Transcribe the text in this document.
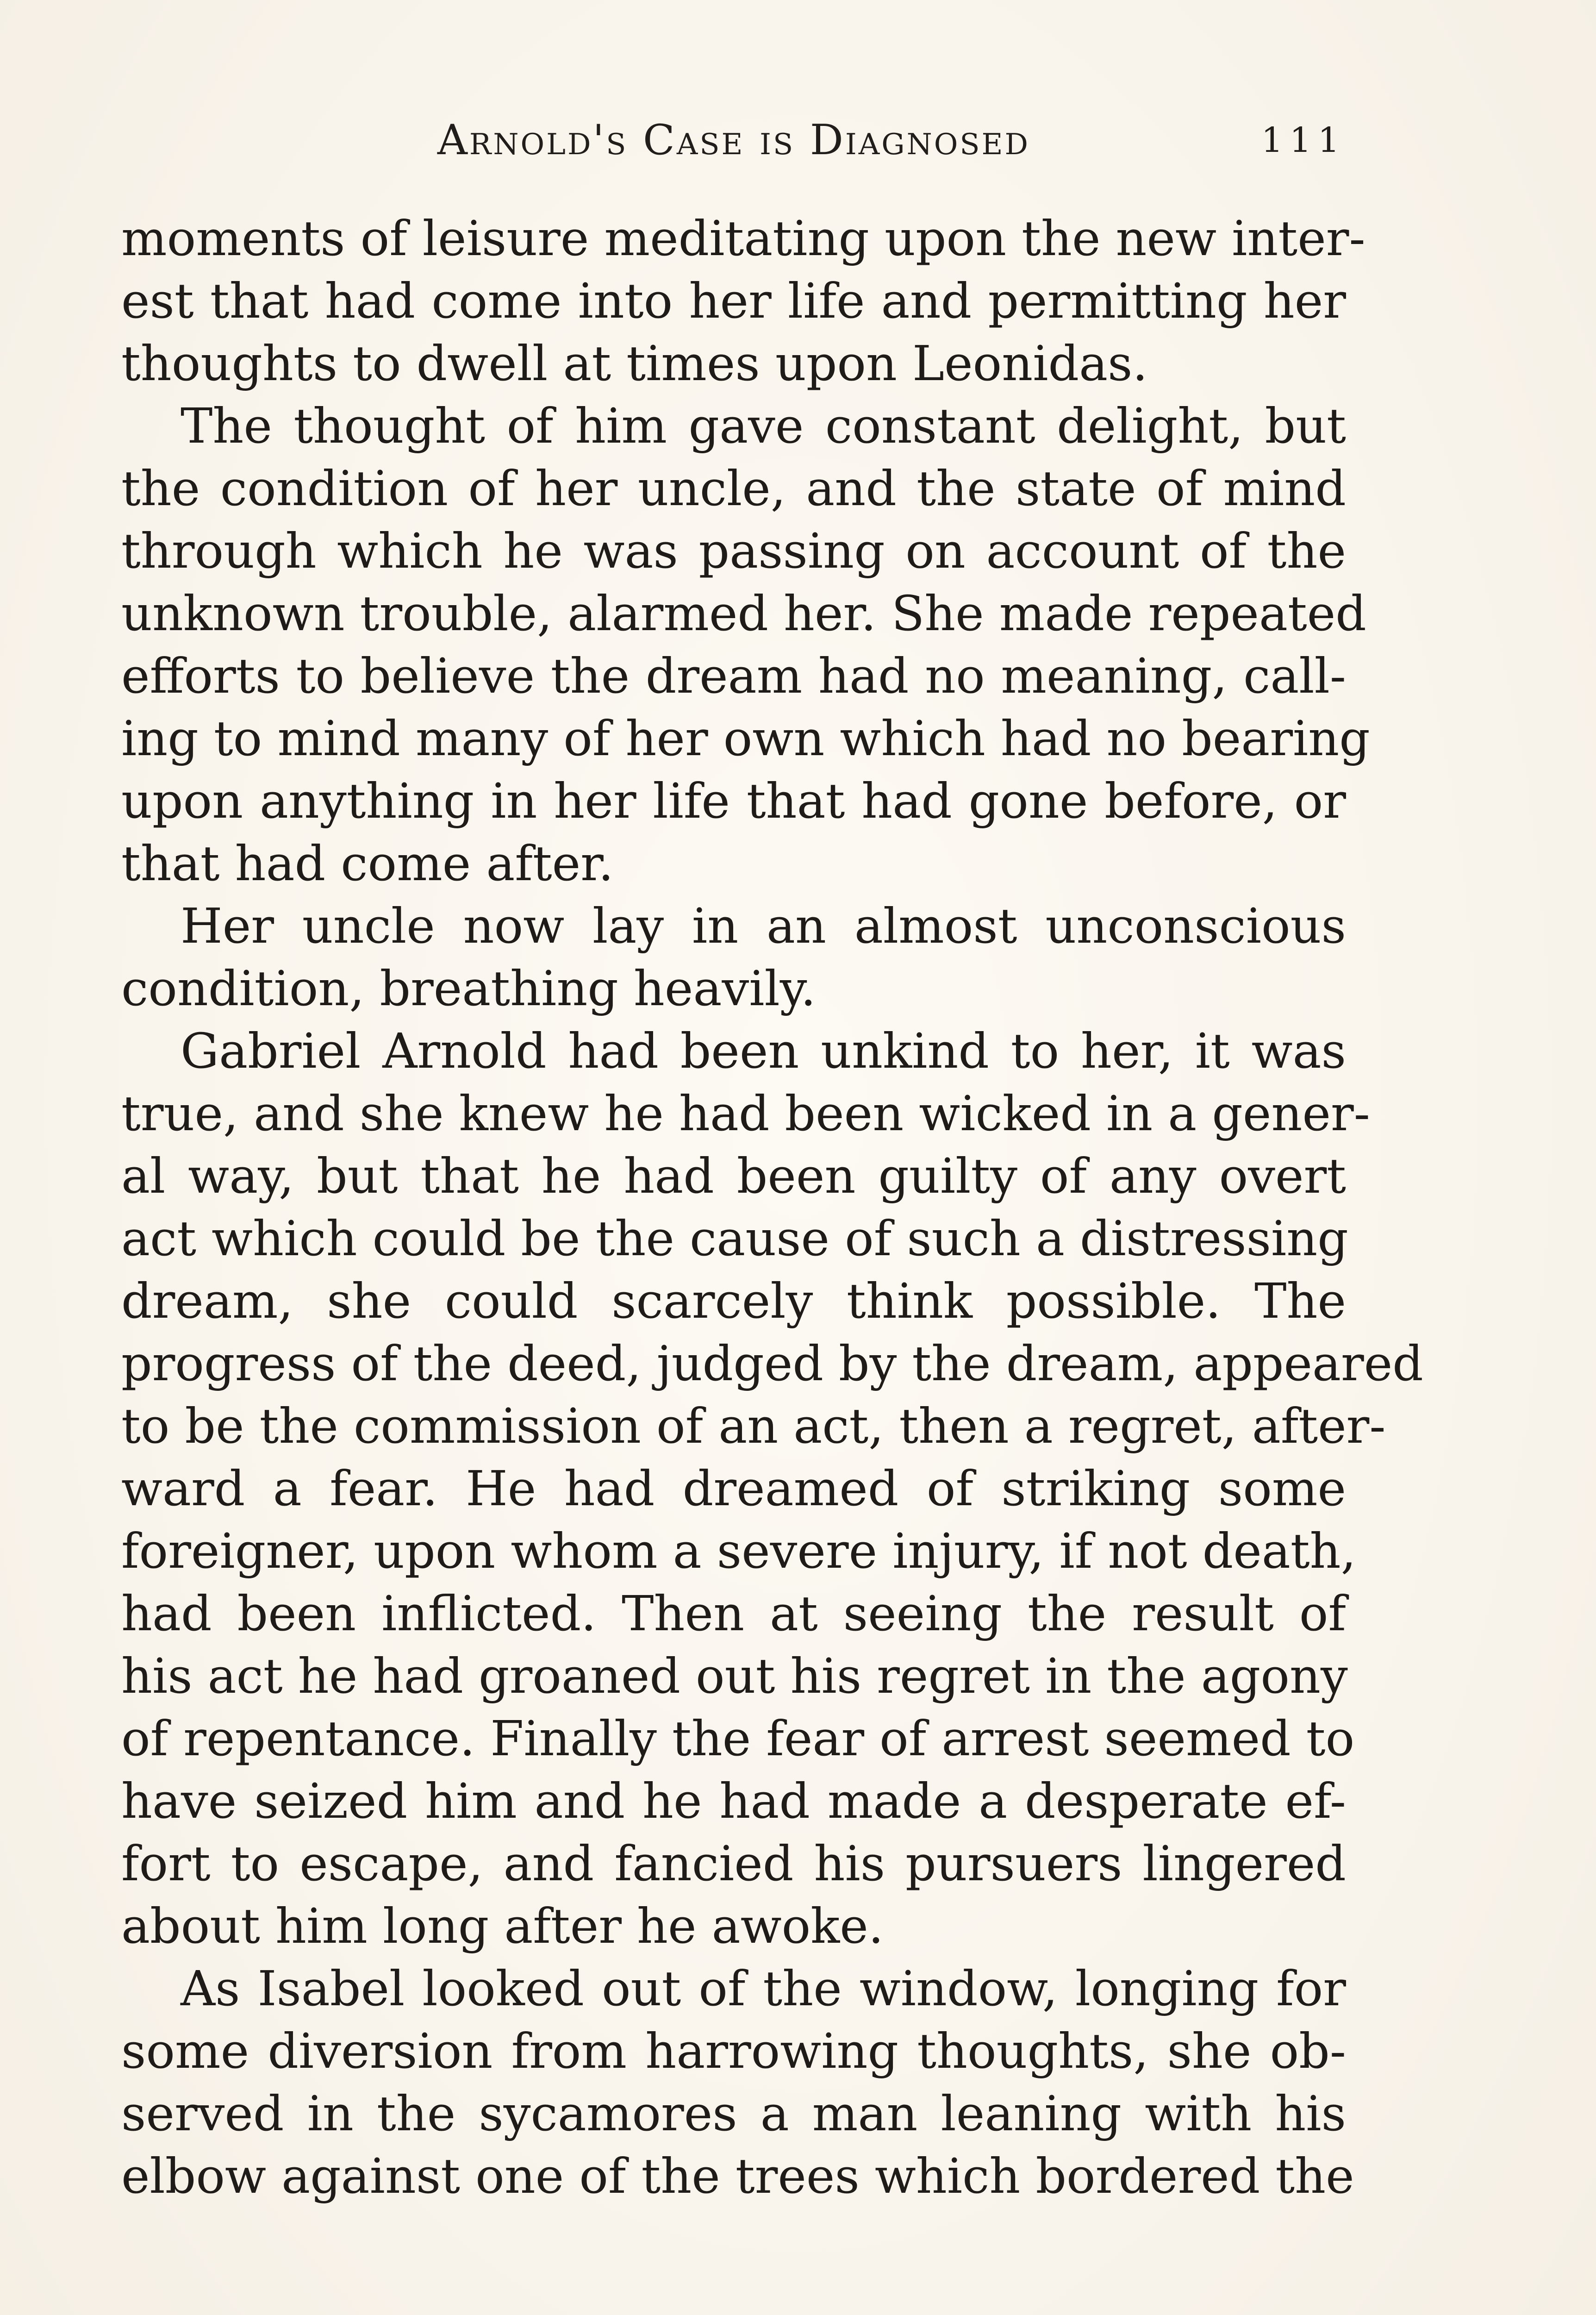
Arnold's Case is Diagnosed	111
moments of leisure meditating upon the new inter-
est that had come into her life and permitting her
thoughts to dwell at times upon Leonidas.
The thought of him gave constant delight, but
the condition of her uncle, and the state of mind
through which he was passing on account of the
unknown trouble, alarmed her. She made repeated
efforts to believe the dream had no meaning, call-
ing to mind many of her own which had no bearing
upon anything in her life that had gone before, or
that had come after.
Her uncle now lay in an almost unconscious
condition, breathing heavily.
Gabriel Arnold had been unkind to her, it was
true, and she knew he had been wicked in a gener-
al way, but that he had been guilty of any overt
act which could be the cause of such a distressing
dream, she could scarcely think possible. The
progress of the deed, judged by the dream, appeared
to be the commission of an act, then a regret, after-
ward a fear. He had dreamed of striking some
foreigner, upon whom a severe injury, if not death,
had been inflicted. Then at seeing the result of
his act he had groaned out his regret in the agony
of repentance. Finally the fear of arrest seemed to
have seized him and he had made a desperate ef-
fort to escape, and fancied his pursuers lingered
about him long after he awoke.
As Isabel looked out of the window, longing for
some diversion from harrowing thoughts, she ob-
served in the sycamores a man leaning with his
elbow against one of the trees which bordered the
